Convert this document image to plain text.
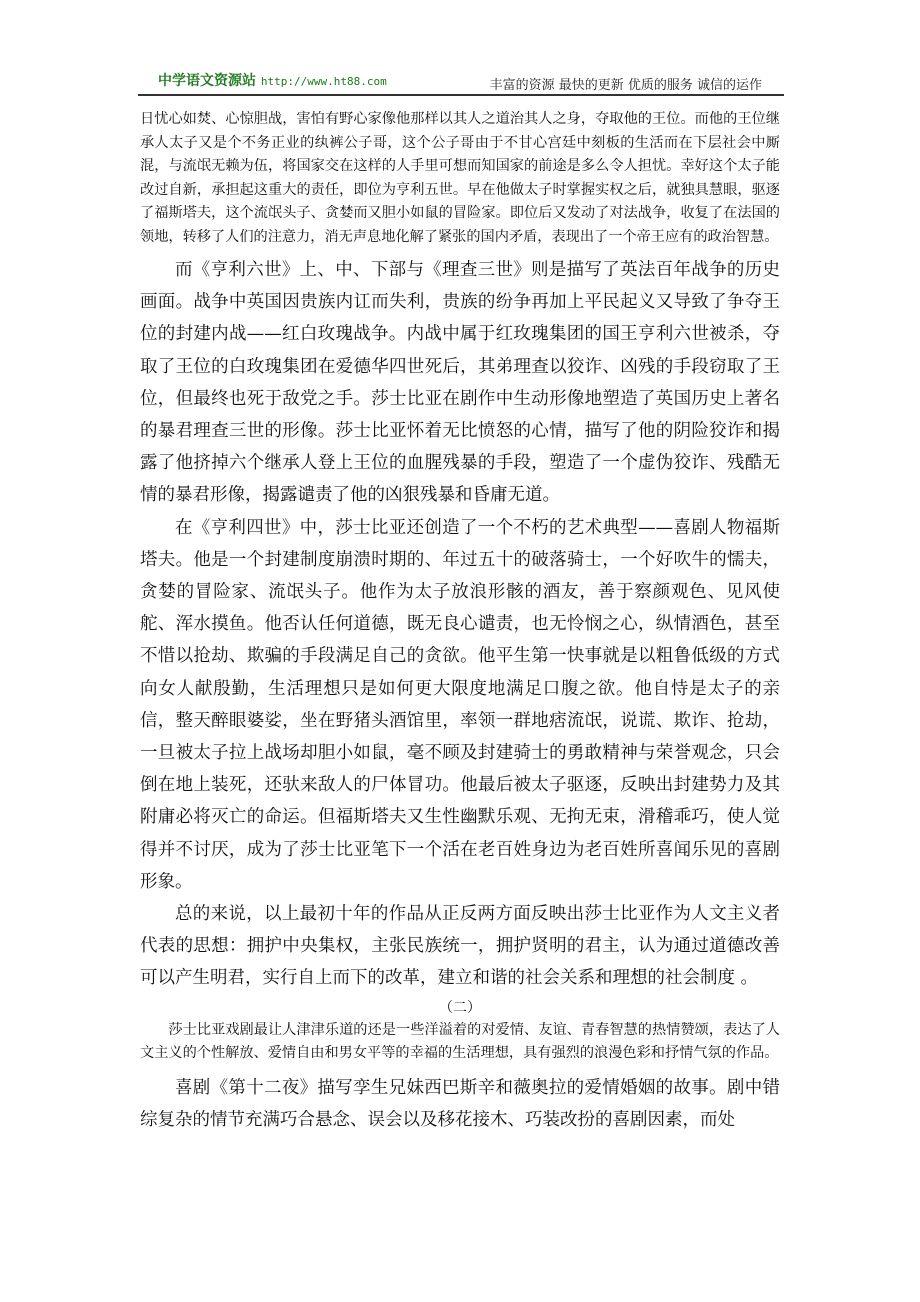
中学语文资源站 http://www.ht88.com	丰富的资源 最快的更新 优质的服务 诚信的运作

日忧心如焚、心惊胆战，害怕有野心家像他那样以其人之道治其人之身，夺取他的王位。而他的王位继承人太子又是个不务正业的纨裤公子哥，这个公子哥由于不甘心宫廷中刻板的生活而在下层社会中厮混，与流氓无赖为伍，将国家交在这样的人手里可想而知国家的前途是多么令人担忧。幸好这个太子能改过自新，承担起这重大的责任，即位为亨利五世。早在他做太子时掌握实权之后，就独具慧眼，驱逐了福斯塔夫，这个流氓头子、贪婪而又胆小如鼠的冒险家。即位后又发动了对法战争，收复了在法国的领地，转移了人们的注意力，消无声息地化解了紧张的国内矛盾，表现出了一个帝王应有的政治智慧。

而《亨利六世》上、中、下部与《理查三世》则是描写了英法百年战争的历史画面。战争中英国因贵族内讧而失利，贵族的纷争再加上平民起义又导致了争夺王位的封建内战——红白玫瑰战争。内战中属于红玫瑰集团的国王亨利六世被杀，夺取了王位的白玫瑰集团在爱德华四世死后，其弟理查以狡诈、凶残的手段窃取了王位，但最终也死于敌党之手。莎士比亚在剧作中生动形像地塑造了英国历史上著名的暴君理查三世的形像。莎士比亚怀着无比愤怒的心情，描写了他的阴险狡诈和揭露了他挤掉六个继承人登上王位的血腥残暴的手段，塑造了一个虚伪狡诈、残酷无情的暴君形像，揭露谴责了他的凶狠残暴和昏庸无道。

在《亨利四世》中，莎士比亚还创造了一个不朽的艺术典型——喜剧人物福斯塔夫。他是一个封建制度崩溃时期的、年过五十的破落骑士，一个好吹牛的懦夫，贪婪的冒险家、流氓头子。他作为太子放浪形骸的酒友，善于察颜观色、见风使舵、浑水摸鱼。他否认任何道德，既无良心谴责，也无怜悯之心，纵情酒色，甚至不惜以抢劫、欺骗的手段满足自己的贪欲。他平生第一快事就是以粗鲁低级的方式向女人献殷勤，生活理想只是如何更大限度地满足口腹之欲。他自恃是太子的亲信，整天醉眼婆娑，坐在野猪头酒馆里，率领一群地痞流氓，说谎、欺诈、抢劫，一旦被太子拉上战场却胆小如鼠，毫不顾及封建骑士的勇敢精神与荣誉观念，只会倒在地上装死，还驮来敌人的尸体冒功。他最后被太子驱逐，反映出封建势力及其附庸必将灭亡的命运。但福斯塔夫又生性幽默乐观、无拘无束，滑稽乖巧，使人觉得并不讨厌，成为了莎士比亚笔下一个活在老百姓身边为老百姓所喜闻乐见的喜剧形象。

总的来说，以上最初十年的作品从正反两方面反映出莎士比亚作为人文主义者代表的思想：拥护中央集权，主张民族统一，拥护贤明的君主，认为通过道德改善可以产生明君，实行自上而下的改革，建立和谐的社会关系和理想的社会制度 。

（二）

莎士比亚戏剧最让人津津乐道的还是一些洋溢着的对爱情、友谊、青春智慧的热情赞颂，表达了人文主义的个性解放、爱情自由和男女平等的幸福的生活理想，具有强烈的浪漫色彩和抒情气氛的作品。

喜剧《第十二夜》描写孪生兄妹西巴斯辛和薇奥拉的爱情婚姻的故事。剧中错综复杂的情节充满巧合悬念、误会以及移花接木、巧装改扮的喜剧因素，而处
